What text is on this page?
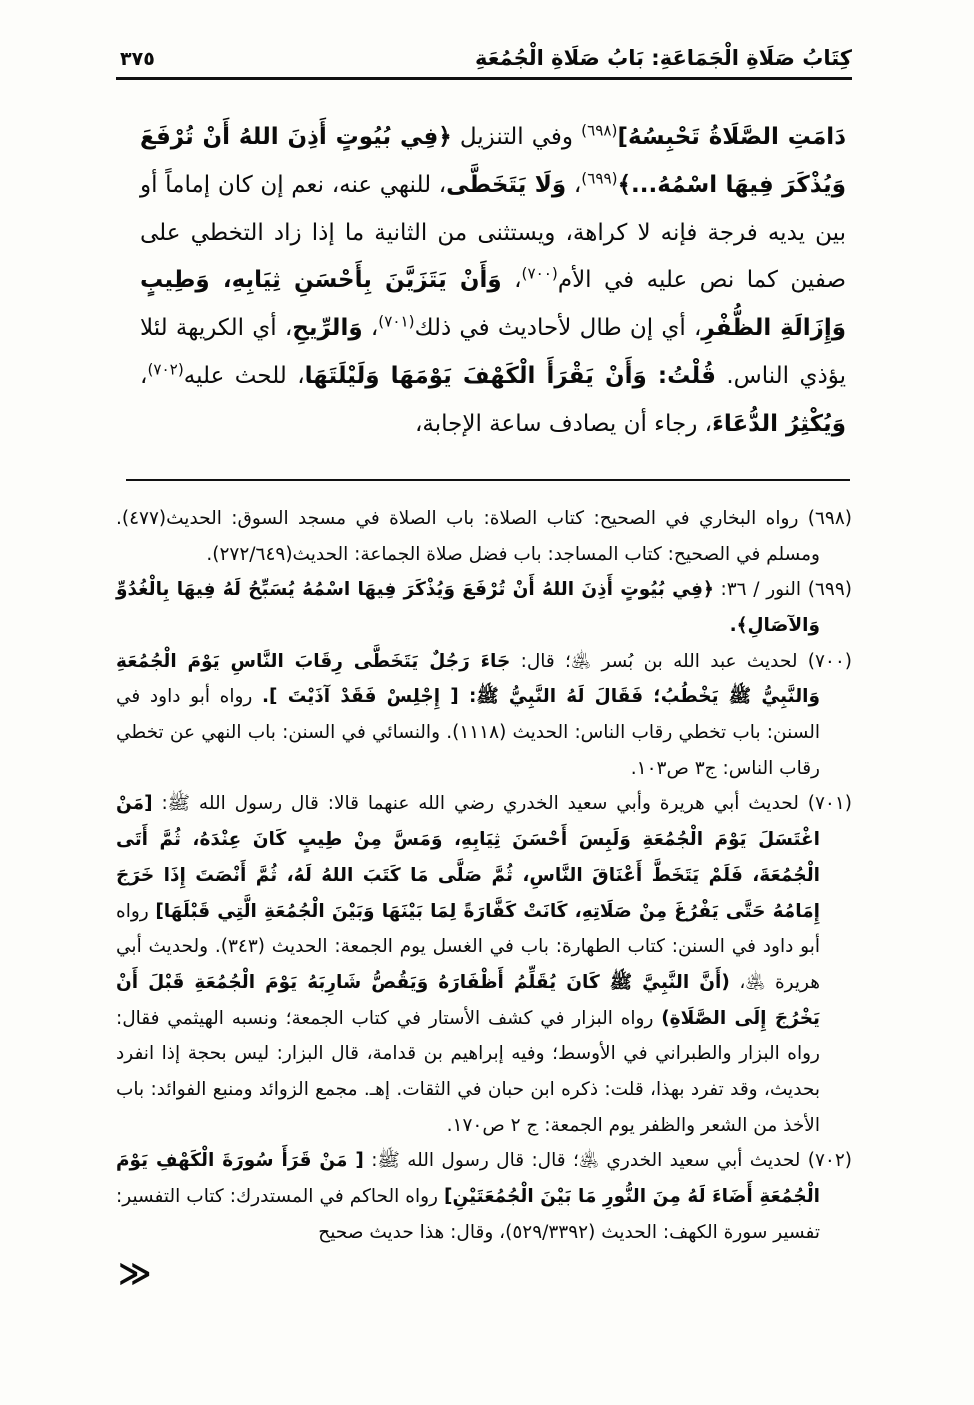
كِتَابُ صَلَاةِ الْجَمَاعَةِ: بَابُ صَلَاةِ الْجُمُعَةِ
٣٧٥

دَامَتِ الصَّلَاةُ تَحْبِسُهُ]$^{(٦٩٨)}$ وفي التنزيل ﴿فِي بُيُوتٍ أَذِنَ اللهُ أَنْ تُرْفَعَ وَيُذْكَرَ فِيهَا اسْمُهُ...﴾$^{(٦٩٩)}$، وَلَا يَتَخَطَّى، للنهي عنه، نعم إن كان إماماً أو بين يديه فرجة فإنه لا كراهة، ويستثنى من الثانية ما إذا زاد التخطي على صفين كما نص عليه في الأم$^{(٧٠٠)}$، وَأَنْ يَتَزَيَّنَ بِأَحْسَنِ ثِيَابِهِ، وَطِيبٍ وَإِزَالَةِ الظُّفْرِ، أي إن طال لأحاديث في ذلك$^{(٧٠١)}$، وَالرِّيحِ، أي الكريهة لئلا يؤذي الناس. قُلْتُ: وَأَنْ يَقْرَأَ الْكَهْفَ يَوْمَهَا وَلَيْلَتَهَا، للحث عليه$^{(٧٠٢)}$، وَيُكْثِرُ الدُّعَاءَ، رجاء أن يصادف ساعة الإجابة،

(٦٩٨) رواه البخاري في الصحيح: كتاب الصلاة: باب الصلاة في مسجد السوق: الحديث(٤٧٧). ومسلم في الصحيح: كتاب المساجد: باب فضل صلاة الجماعة: الحديث(٢٧٢/٦٤٩).

(٦٩٩) النور / ٣٦: ﴿فِي بُيُوتٍ أَذِنَ اللهُ أَنْ تُرْفَعَ وَيُذْكَرَ فِيهَا اسْمُهُ يُسَبِّحُ لَهُ فِيهَا بِالْغُدُوِّ وَالآصَالِ﴾.

(٧٠٠) لحديث عبد الله بن بُسر ﵁؛ قال: جَاءَ رَجُلٌ يَتَخَطَّى رِقَابَ النَّاسِ يَوْمَ الْجُمُعَةِ وَالنَّبِيُّ ﷺ يَخْطُبُ؛ فَقَالَ لَهُ النَّبِيُّ ﷺ: [ إِجْلِسْ فَقَدْ آذَيْتَ ]. رواه أبو داود في السنن: باب تخطي رقاب الناس: الحديث (١١١٨). والنسائي في السنن: باب النهي عن تخطي رقاب الناس: ج٣ ص١٠٣.

(٧٠١) لحديث أبي هريرة وأبي سعيد الخدري رضي الله عنهما قالا: قال رسول الله ﷺ: [مَنْ اغْتَسَلَ يَوْمَ الْجُمُعَةِ وَلَبِسَ أَحْسَنَ ثِيَابِهِ، وَمَسَّ مِنْ طِيبٍ كَانَ عِنْدَهُ، ثُمَّ أَتَى الْجُمُعَةَ، فَلَمْ يَتَخَطَّ أَعْنَاقَ النَّاسِ، ثُمَّ صَلَّى مَا كَتَبَ اللهُ لَهُ، ثُمَّ أَنْصَتَ إِذَا خَرَجَ إِمَامُهُ حَتَّى يَفْرُغَ مِنْ صَلَاتِهِ، كَانَتْ كَفَّارَةً لِمَا بَيْنَهَا وَبَيْنَ الْجُمُعَةِ الَّتِي قَبْلَهَا] رواه أبو داود في السنن: كتاب الطهارة: باب في الغسل يوم الجمعة: الحديث (٣٤٣). ولحديث أبي هريرة ﵁، (أَنَّ النَّبِيَّ ﷺ كَانَ يُقَلِّمُ أَظْفَارَهُ وَيَقُصُّ شَارِبَهُ يَوْمَ الْجُمُعَةِ قَبْلَ أَنْ يَخْرُجَ إِلَى الصَّلَاةِ) رواه البزار في كشف الأستار في كتاب الجمعة؛ ونسبه الهيثمي فقال: رواه البزار والطبراني في الأوسط؛ وفيه إبراهيم بن قدامة، قال البزار: ليس بحجة إذا انفرد بحديث، وقد تفرد بهذا، قلت: ذكره ابن حبان في الثقات. إهـ. مجمع الزوائد ومنبع الفوائد: باب الأخذ من الشعر والظفر يوم الجمعة: ج ٢ ص١٧٠.

(٧٠٢) لحديث أبي سعيد الخدري ﵁؛ قال: قال رسول الله ﷺ: [ مَنْ قَرَأَ سُورَةَ الْكَهْفِ يَوْمَ الْجُمُعَةِ أَضَاءَ لَهُ مِنَ النُّورِ مَا بَيْنَ الْجُمُعَتَيْنِ] رواه الحاكم في المستدرك: كتاب التفسير: تفسير سورة الكهف: الحديث (٥٢٩/٣٣٩٢)، وقال: هذا حديث صحيح

≪
